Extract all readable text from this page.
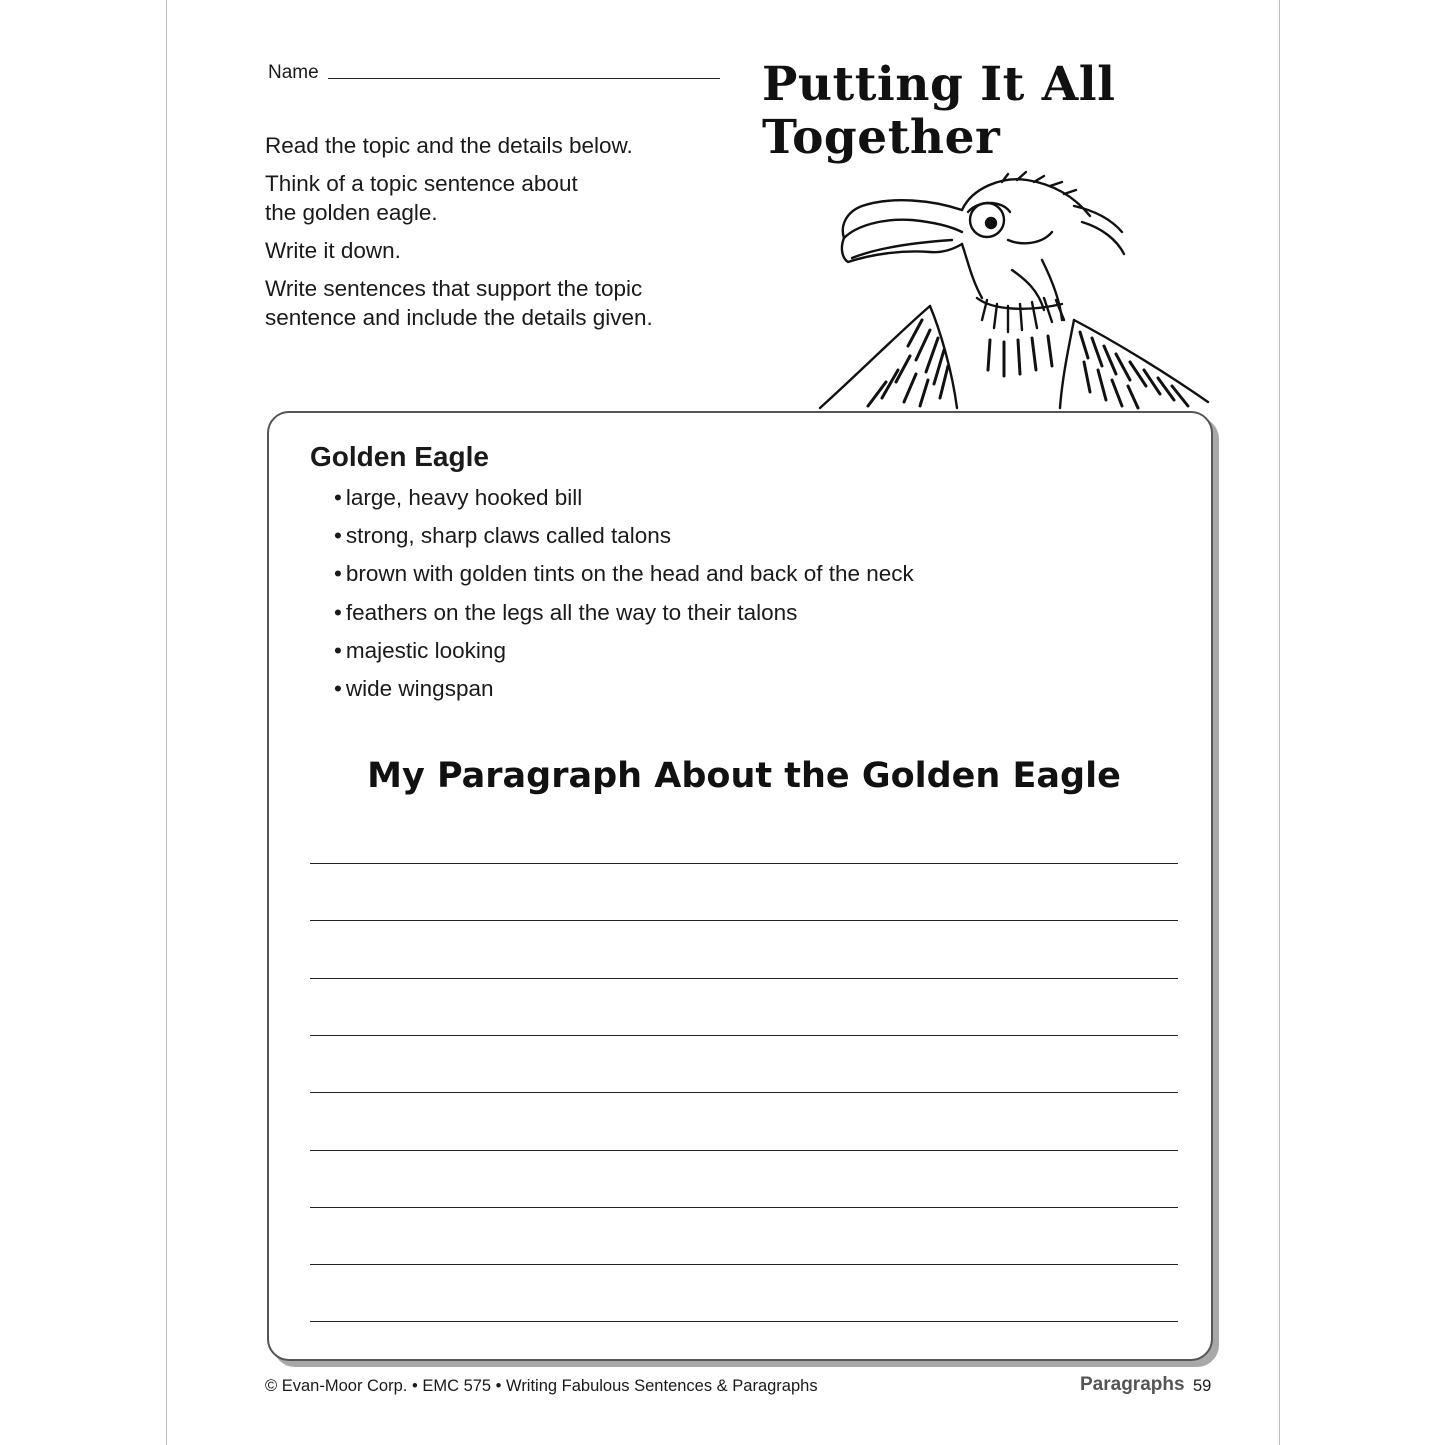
Name

Read the topic and the details below.

Think of a topic sentence about the golden eagle.

Write it down.

Write sentences that support the topic sentence and include the details given.

Putting It All Together
Golden Eagle
• large, heavy hooked bill
• strong, sharp claws called talons
• brown with golden tints on the head and back of the neck
• feathers on the legs all the way to their talons
• majestic looking
• wide wingspan
My Paragraph About the Golden Eagle
© Evan-Moor Corp. • EMC 575 • Writing Fabulous Sentences & Paragraphs	Paragraphs 59
